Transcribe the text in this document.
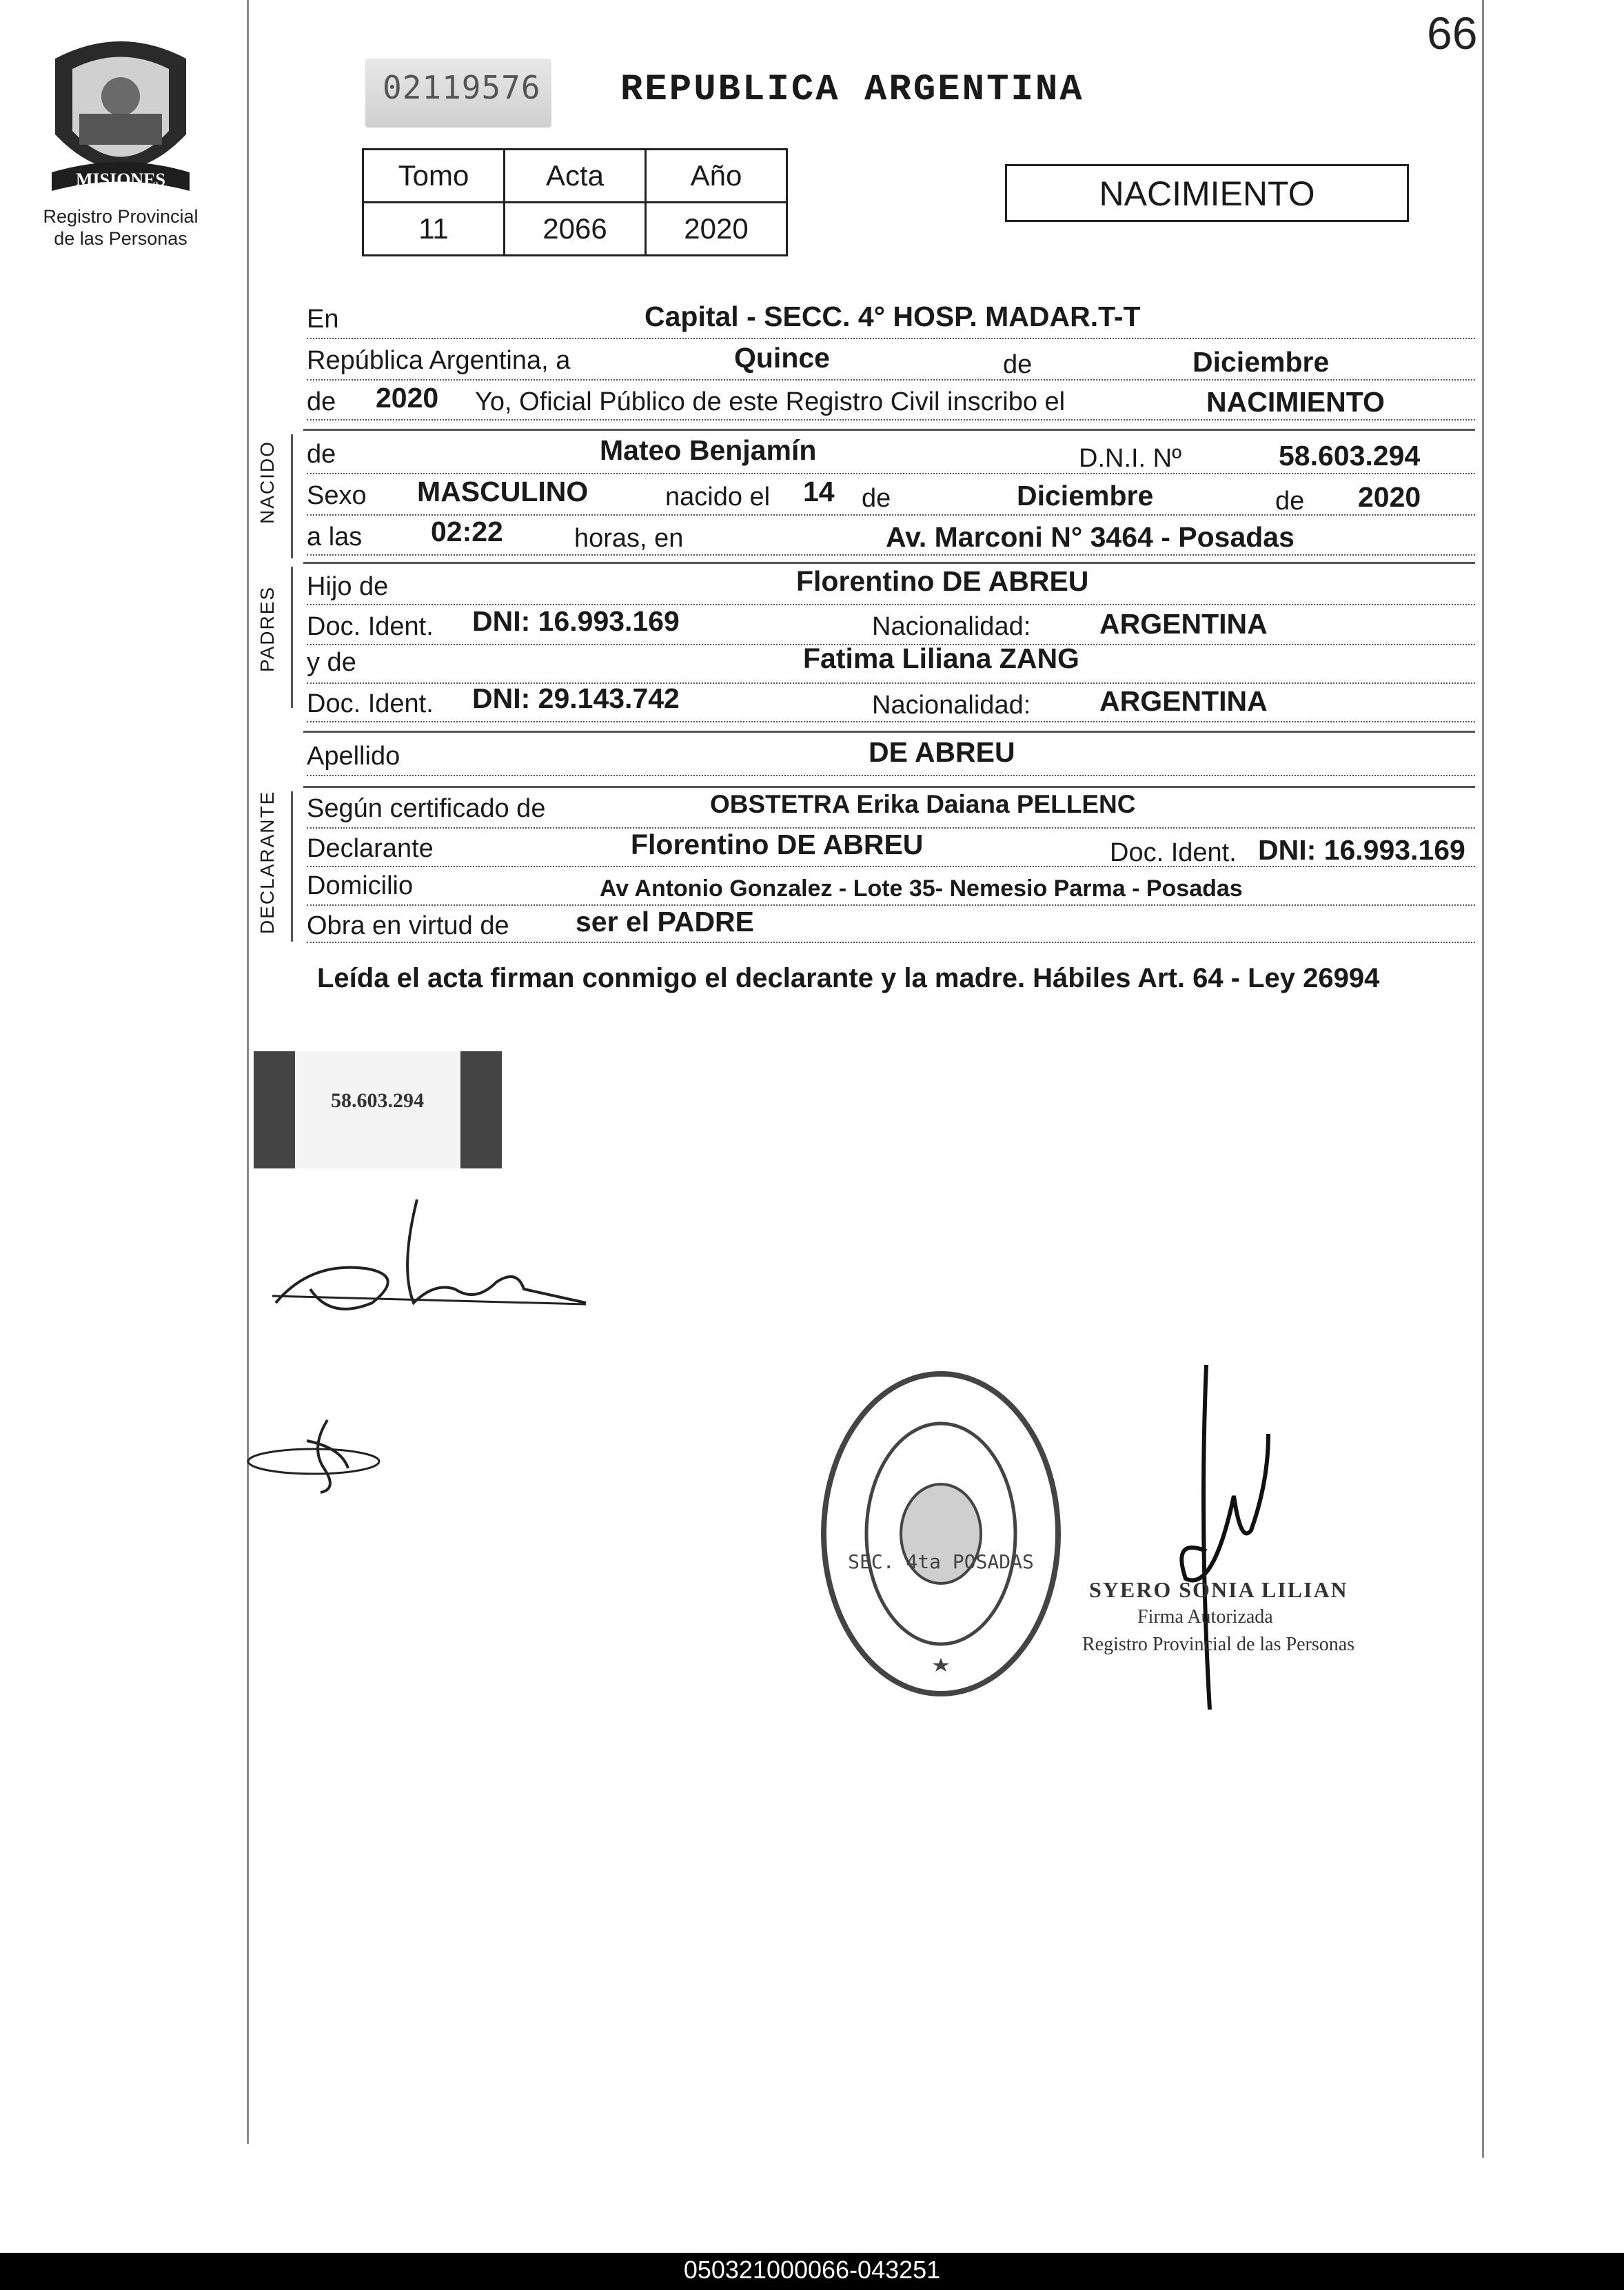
66
MISIONES
Registro Provincial
de las Personas
02119576 REPUBLICA ARGENTINA
Tomo	Acta	Año
11	2066	2020
NACIMIENTO
En	Capital - SECC. 4° HOSP. MADAR.T-T
República Argentina, a	Quince	de	Diciembre
de 2020 Yo, Oficial Público de este Registro Civil inscribo el	NACIMIENTO
NACIDO de	Mateo Benjamín	D.N.I. Nº	58.603.294
Sexo MASCULINO	nacido el 14 de	Diciembre	de 2020
a las 02:22	horas, en	Av. Marconi N° 3464 - Posadas
PADRES Hijo de	Florentino DE ABREU
Doc. Ident. DNI: 16.993.169	Nacionalidad: ARGENTINA
y de	Fatima Liliana ZANG
Doc. Ident. DNI: 29.143.742	Nacionalidad: ARGENTINA
Apellido	DE ABREU
DECLARANTE Según certificado de	OBSTETRA Erika Daiana PELLENC
Declarante	Florentino DE ABREU	Doc. Ident. DNI: 16.993.169
Domicilio	Av Antonio Gonzalez - Lote 35- Nemesio Parma - Posadas
Obra en virtud de ser el PADRE
Leída el acta firman conmigo el declarante y la madre. Hábiles Art. 64 - Ley 26994
58.603.294
SEC. 4ta POSADAS
SYERO SONIA LILIAN
Firma Autorizada
Registro Provincial de las Personas
050321000066-043251
